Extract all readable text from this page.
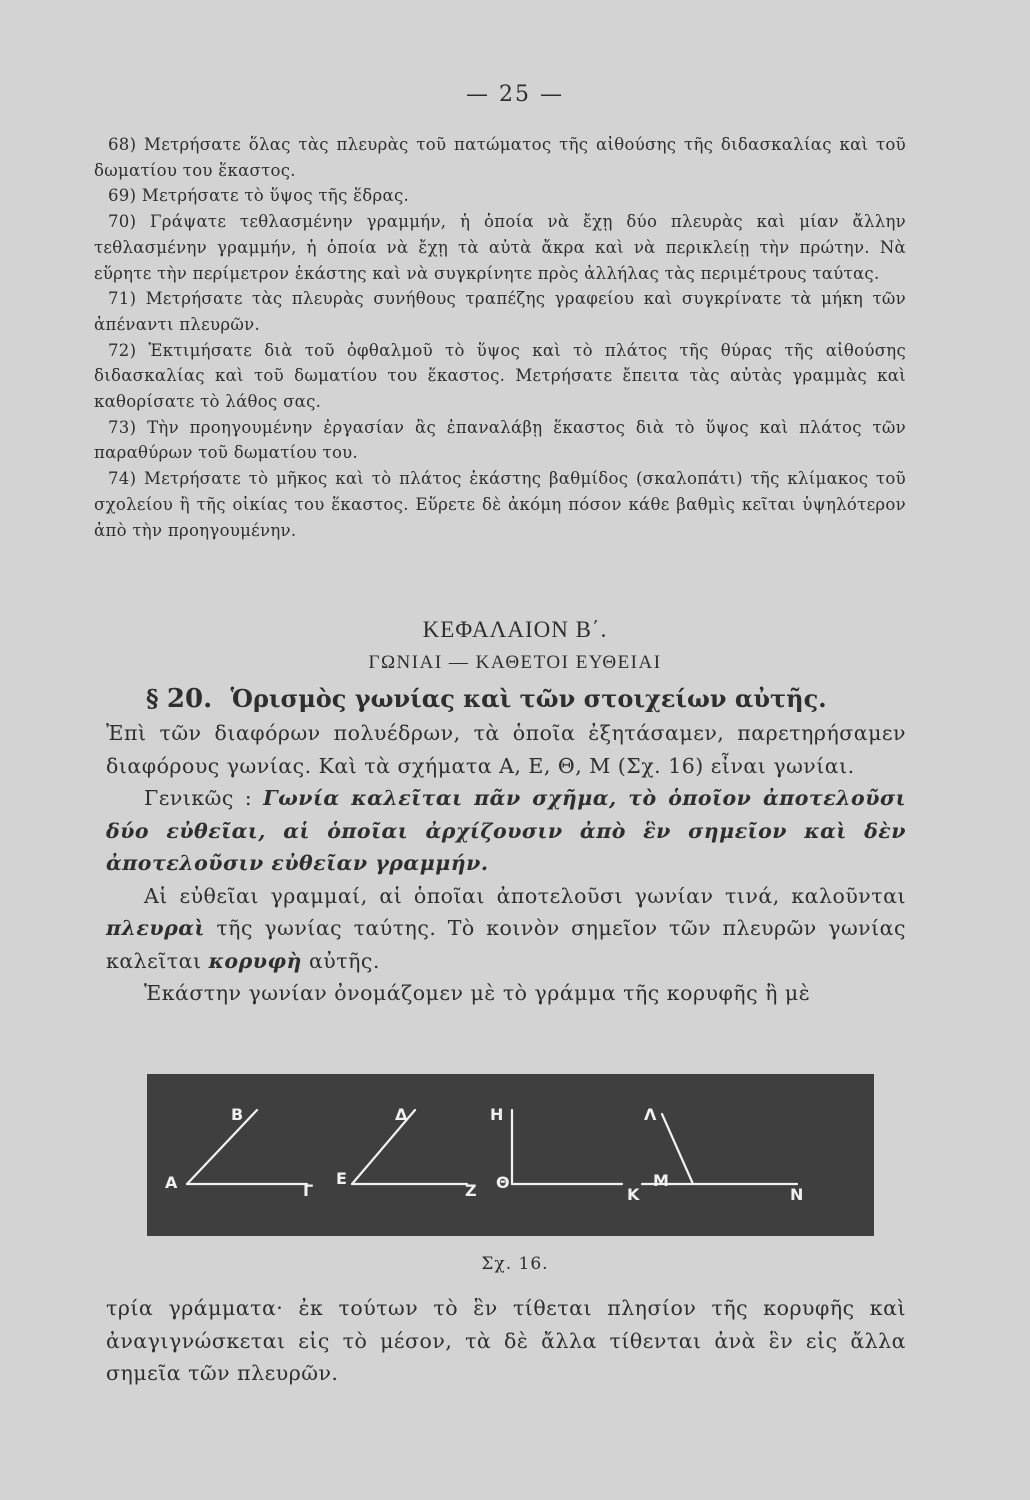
— 25 —

68) Μετρήσατε ὅλας τὰς πλευρὰς τοῦ πατώματος τῆς αἰθούσης τῆς διδασκαλίας καὶ τοῦ δωματίου του ἕκαστος.

69) Μετρήσατε τὸ ὕψος τῆς ἕδρας.

70) Γράψατε τεθλασμένην γραμμήν, ἡ ὁποία νὰ ἔχῃ δύο πλευρὰς καὶ μίαν ἄλλην τεθλασμένην γραμμήν, ἡ ὁποία νὰ ἔχῃ τὰ αὐτὰ ἄκρα καὶ νὰ περικλείῃ τὴν πρώτην. Νὰ εὕρητε τὴν περίμετρον ἑκάστης καὶ νὰ συγκρίνητε πρὸς ἀλλήλας τὰς περιμέτρους ταύτας.

71) Μετρήσατε τὰς πλευρὰς συνήθους τραπέζης γραφείου καὶ συγκρίνατε τὰ μήκη τῶν ἀπέναντι πλευρῶν.

72) Ἐκτιμήσατε διὰ τοῦ ὀφθαλμοῦ τὸ ὕψος καὶ τὸ πλάτος τῆς θύρας τῆς αἰθούσης διδασκαλίας καὶ τοῦ δωματίου του ἕκαστος. Μετρήσατε ἔπειτα τὰς αὐτὰς γραμμὰς καὶ καθορίσατε τὸ λάθος σας.

73) Τὴν προηγουμένην ἐργασίαν ἂς ἐπαναλάβῃ ἕκαστος διὰ τὸ ὕψος καὶ πλάτος τῶν παραθύρων τοῦ δωματίου του.

74) Μετρήσατε τὸ μῆκος καὶ τὸ πλάτος ἑκάστης βαθμίδος (σκαλοπάτι) τῆς κλίμακος τοῦ σχολείου ἢ τῆς οἰκίας του ἕκαστος. Εὕρετε δὲ ἀκόμη πόσον κάθε βαθμὶς κεῖται ὑψηλότερον ἀπὸ τὴν προηγουμένην.

ΚΕΦΑΛΑΙΟΝ Β΄.
ΓΩΝΙΑΙ — ΚΑΘΕΤΟΙ ΕΥΘΕΙΑΙ
§ 20. Ὁρισμὸς γωνίας καὶ τῶν στοιχείων αὐτῆς.

Ἐπὶ τῶν διαφόρων πολυέδρων, τὰ ὁποῖα ἐξητάσαμεν, παρετηρήσαμεν διαφόρους γωνίας. Καὶ τὰ σχήματα Α, Ε, Θ, Μ (Σχ. 16) εἶναι γωνίαι.

Γενικῶς : Γωνία καλεῖται πᾶν σχῆμα, τὸ ὁποῖον ἀποτελοῦσι δύο εὐθεῖαι, αἱ ὁποῖαι ἀρχίζουσιν ἀπὸ ἓν σημεῖον καὶ δὲν ἀποτελοῦσιν εὐθεῖαν γραμμήν.

Αἱ εὐθεῖαι γραμμαί, αἱ ὁποῖαι ἀποτελοῦσι γωνίαν τινά, καλοῦνται πλευραὶ τῆς γωνίας ταύτης. Τὸ κοινὸν σημεῖον τῶν πλευρῶν γωνίας καλεῖται κορυφὴ αὐτῆς.

Ἑκάστην γωνίαν ὀνομάζομεν μὲ τὸ γράμμα τῆς κορυφῆς ἢ μὲ

Β
Α	Γ
Δ
Ε
Ζ
Η
Θ
Λ
Κ
Μ
Ν
Σχ. 16.

τρία γράμματα· ἐκ τούτων τὸ ἓν τίθεται πλησίον τῆς κορυφῆς καὶ ἀναγιγνώσκεται εἰς τὸ μέσον, τὰ δὲ ἄλλα τίθενται ἀνὰ ἓν εἰς ἄλλα σημεῖα τῶν πλευρῶν.
